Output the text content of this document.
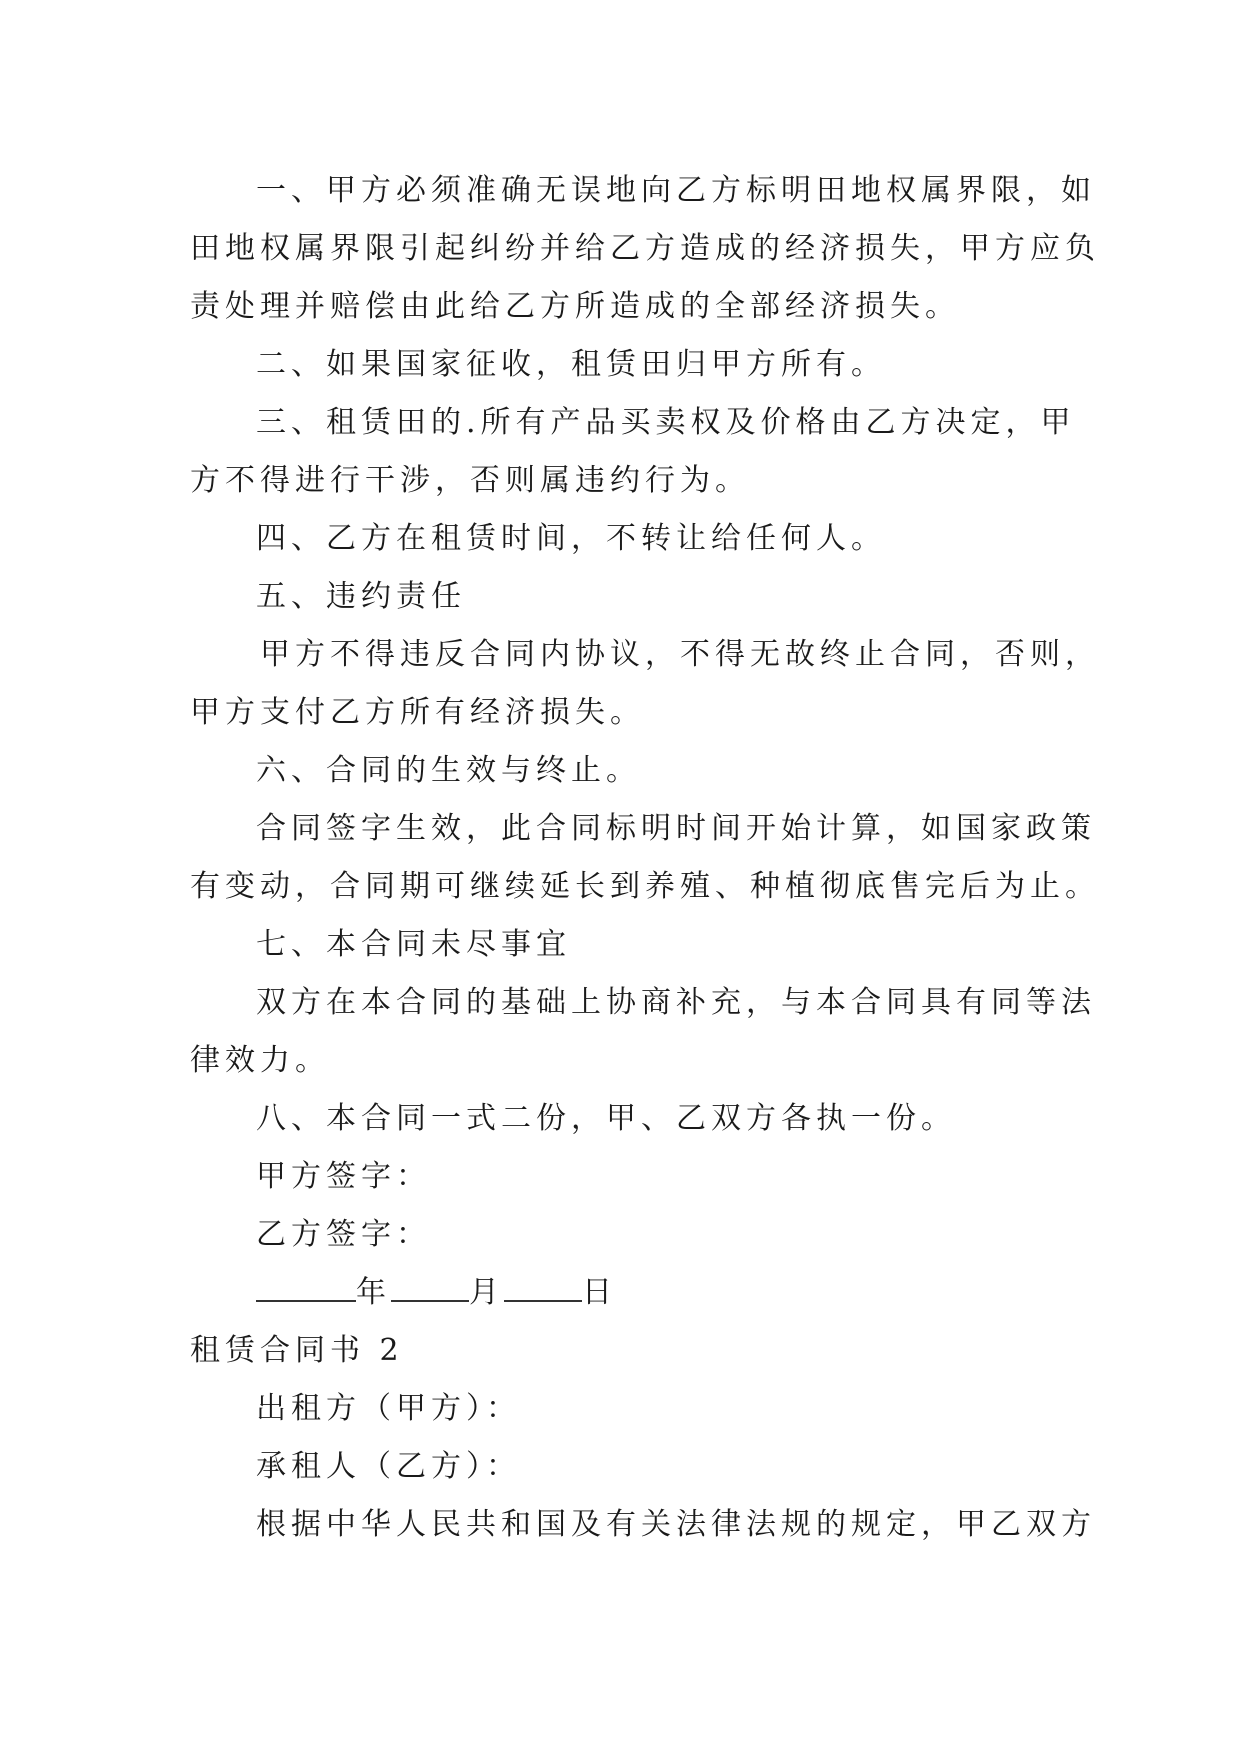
一、甲方必须准确无误地向乙方标明田地权属界限，如
田地权属界限引起纠纷并给乙方造成的经济损失，甲方应负
责处理并赔偿由此给乙方所造成的全部经济损失。
二、如果国家征收，租赁田归甲方所有。
三、租赁田的.所有产品买卖权及价格由乙方决定，甲
方不得进行干涉，否则属违约行为。
四、乙方在租赁时间，不转让给任何人。
五、违约责任
甲方不得违反合同内协议，不得无故终止合同，否则，
甲方支付乙方所有经济损失。
六、合同的生效与终止。
合同签字生效，此合同标明时间开始计算，如国家政策
有变动，合同期可继续延长到养殖、种植彻底售完后为止。
七、本合同未尽事宜
双方在本合同的基础上协商补充，与本合同具有同等法
律效力。
八、本合同一式二份，甲、乙双方各执一份。
甲方签字：
乙方签字：
年	月	日
租赁合同书 2
出租方（甲方）：
承租人（乙方）：
根据中华人民共和国及有关法律法规的规定，甲乙双方
